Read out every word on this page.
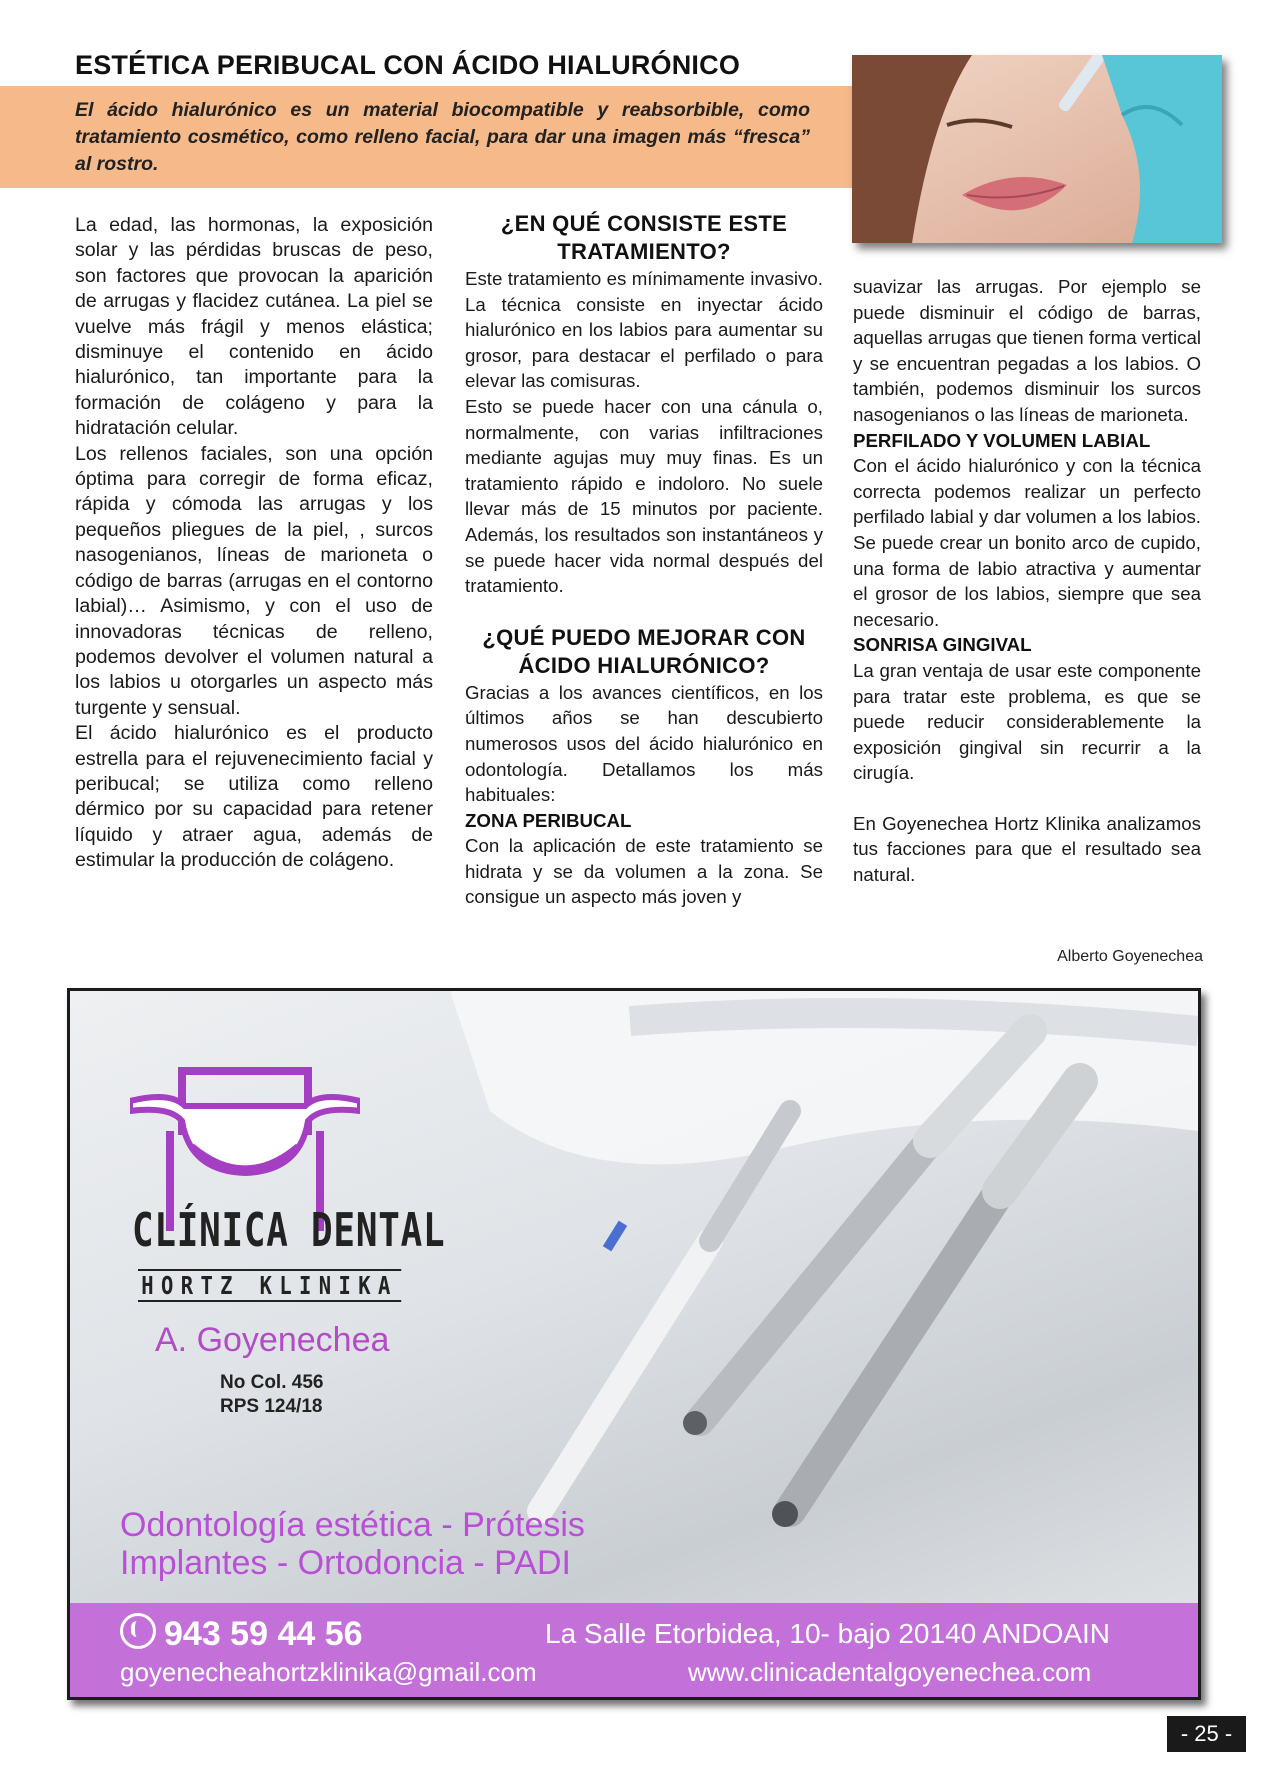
ESTÉTICA PERIBUCAL CON ÁCIDO HIALURÓNICO
El ácido hialurónico es un material biocompatible y reabsorbible, como tratamiento cosmético, como relleno facial, para dar una imagen más “fresca” al rostro.

La edad, las hormonas, la exposición solar y las pérdidas bruscas de peso, son factores que provocan la aparición de arrugas y flacidez cutánea. La piel se vuelve más frágil y menos elástica; disminuye el contenido en ácido hialurónico, tan importante para la formación de colágeno y para la hidratación celular.

Los rellenos faciales, son una opción óptima para corregir de forma eficaz, rápida y cómoda las arrugas y los pequeños pliegues de la piel, , surcos nasogenianos, líneas de marioneta o código de barras (arrugas en el contorno labial)… Asimismo, y con el uso de innovadoras técnicas de relleno, podemos devolver el volumen natural a los labios u otorgarles un aspecto más turgente y sensual.

El ácido hialurónico es el producto estrella para el rejuvenecimiento facial y peribucal; se utiliza como relleno dérmico por su capacidad para retener líquido y atraer agua, además de estimular la producción de colágeno.

¿EN QUÉ CONSISTE ESTE TRATAMIENTO?

Este tratamiento es mínimamente invasivo. La técnica consiste en inyectar ácido hialurónico en los labios para aumentar su grosor, para destacar el perfilado o para elevar las comisuras.

Esto se puede hacer con una cánula o, normalmente, con varias infiltraciones mediante agujas muy muy finas. Es un tratamiento rápido e indoloro. No suele llevar más de 15 minutos por paciente. Además, los resultados son instantáneos y se puede hacer vida normal después del tratamiento.

¿QUÉ PUEDO MEJORAR CON ÁCIDO HIALURÓNICO?

Gracias a los avances científicos, en los últimos años se han descubierto numerosos usos del ácido hialurónico en odontología. Detallamos los más habituales:

ZONA PERIBUCAL

Con la aplicación de este tratamiento se hidrata y se da volumen a la zona. Se consigue un aspecto más joven y

suavizar las arrugas. Por ejemplo se puede disminuir el código de barras, aquellas arrugas que tienen forma vertical y se encuentran pegadas a los labios. O también, podemos disminuir los surcos nasogenianos o las líneas de marioneta.

PERFILADO Y VOLUMEN LABIAL

Con el ácido hialurónico y con la técnica correcta podemos realizar un perfecto perfilado labial y dar volumen a los labios. Se puede crear un bonito arco de cupido, una forma de labio atractiva y aumentar el grosor de los labios, siempre que sea necesario.

SONRISA GINGIVAL

La gran ventaja de usar este componente para tratar este problema, es que se puede reducir considerablemente la exposición gingival sin recurrir a la cirugía.

En Goyenechea Hortz Klinika analizamos tus facciones para que el resultado sea natural.

Alberto Goyenechea
CLÍNICA DENTAL
HORTZ KLINIKA
A. Goyenechea
No Col. 456
RPS 124/18
Odontología estética - Prótesis
Implantes - Ortodoncia - PADI
943 59 44 56	La Salle Etorbidea, 10- bajo 20140 ANDOAIN
goyenecheahortzklinika@gmail.com	www.clinicadentalgoyenechea.com
- 25 -
